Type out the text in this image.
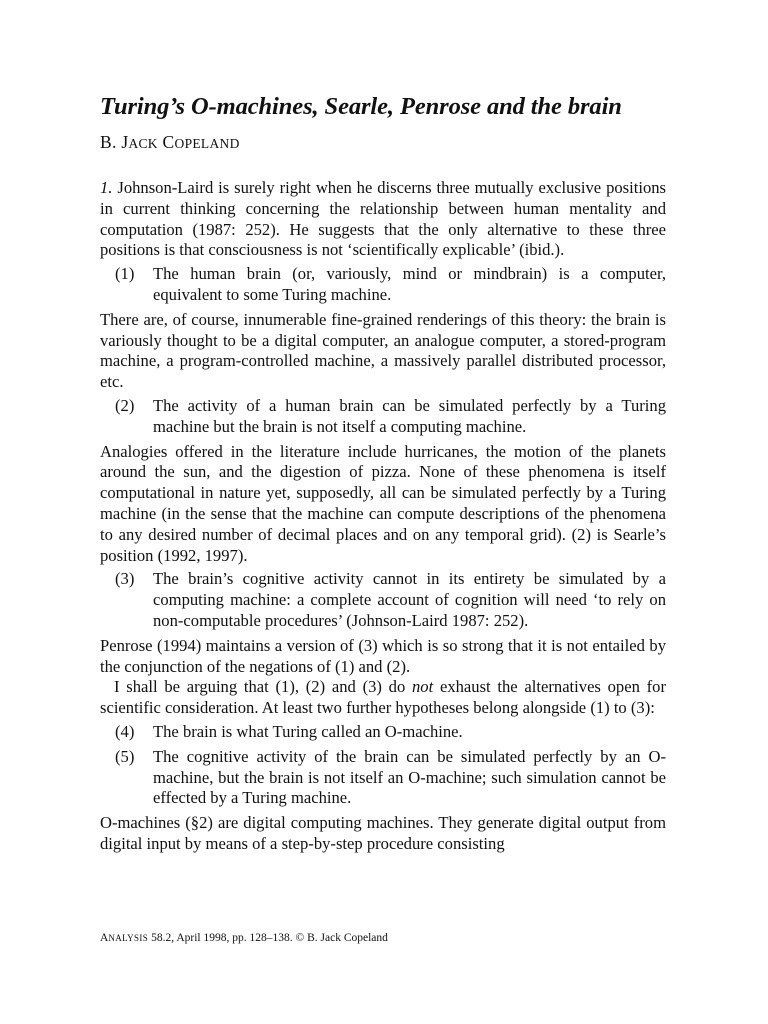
Turing’s O-machines, Searle, Penrose and the brain
B. JACK COPELAND

1. Johnson-Laird is surely right when he discerns three mutually exclusive positions in current thinking concerning the relationship between human mentality and computation (1987: 252). He suggests that the only alternative to these three positions is that consciousness is not ‘scientifically explicable’ (ibid.).

(1)	The human brain (or, variously, mind or mindbrain) is a computer, equivalent to some Turing machine.

There are, of course, innumerable fine-grained renderings of this theory: the brain is variously thought to be a digital computer, an analogue computer, a stored-program machine, a program-controlled machine, a massively parallel distributed processor, etc.

(2)	The activity of a human brain can be simulated perfectly by a Turing machine but the brain is not itself a computing machine.

Analogies offered in the literature include hurricanes, the motion of the planets around the sun, and the digestion of pizza. None of these phenomena is itself computational in nature yet, supposedly, all can be simulated perfectly by a Turing machine (in the sense that the machine can compute descriptions of the phenomena to any desired number of decimal places and on any temporal grid). (2) is Searle’s position (1992, 1997).

(3)	The brain’s cognitive activity cannot in its entirety be simulated by a computing machine: a complete account of cognition will need ‘to rely on non-computable procedures’ (Johnson-Laird 1987: 252).

Penrose (1994) maintains a version of (3) which is so strong that it is not entailed by the conjunction of the negations of (1) and (2).

I shall be arguing that (1), (2) and (3) do not exhaust the alternatives open for scientific consideration. At least two further hypotheses belong alongside (1) to (3):

(4)	The brain is what Turing called an O-machine.
(5)	The cognitive activity of the brain can be simulated perfectly by an O-machine, but the brain is not itself an O-machine; such simulation cannot be effected by a Turing machine.

O-machines (§2) are digital computing machines. They generate digital output from digital input by means of a step-by-step procedure consisting

ANALYSIS 58.2, April 1998, pp. 128–138. © B. Jack Copeland
